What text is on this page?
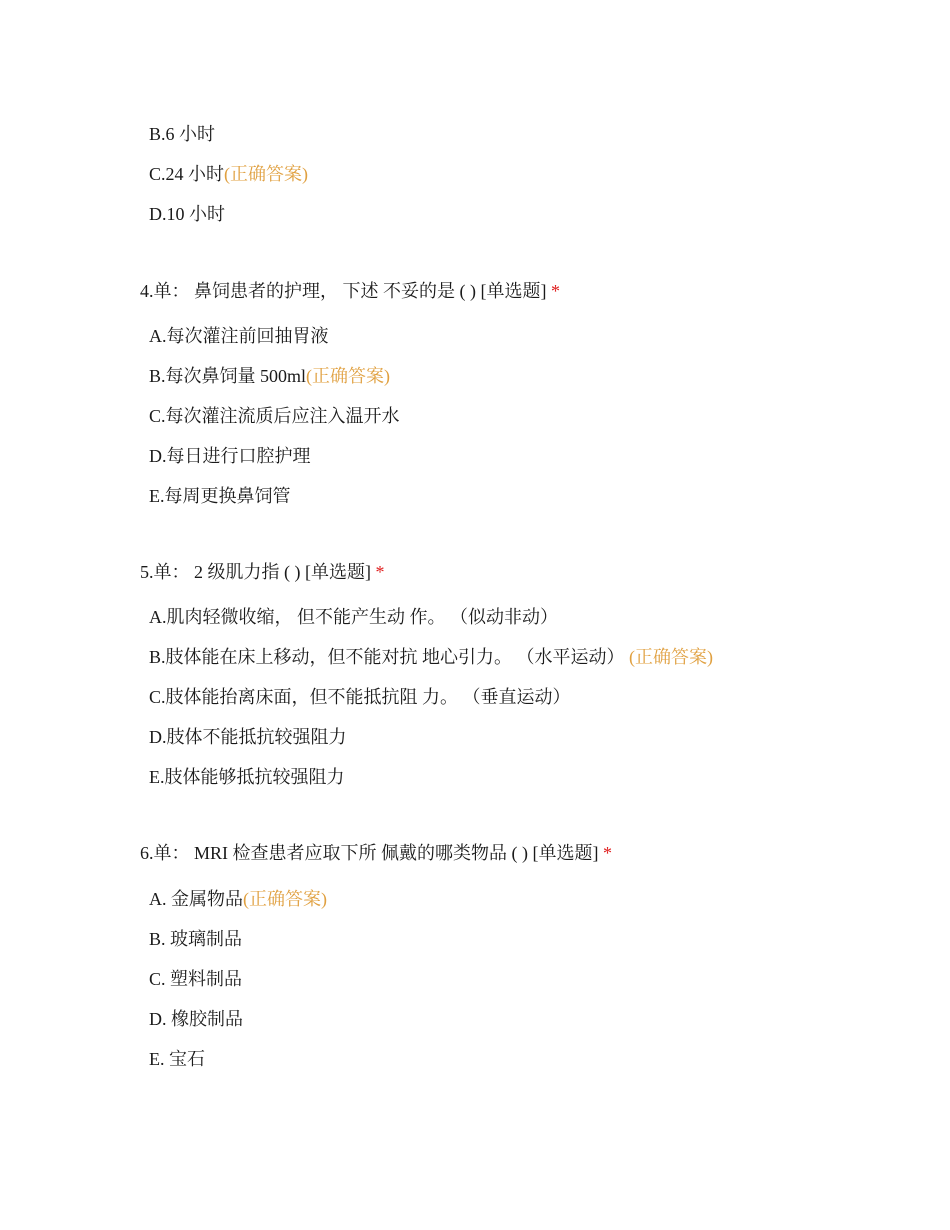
B.6 小时
C.24 小时(正确答案)
D.10 小时
4.单： 鼻饲患者的护理， 下述 不妥的是 ( ) [单选题] *
A.每次灌注前回抽胃液
B.每次鼻饲量 500ml(正确答案)
C.每次灌注流质后应注入温开水
D.每日进行口腔护理
E.每周更换鼻饲管
5.单： 2 级肌力指 ( ) [单选题] *
A.肌肉轻微收缩， 但不能产生动 作。 （似动非动）
B.肢体能在床上移动，但不能对抗 地心引力。 （水平运动） (正确答案)
C.肢体能抬离床面，但不能抵抗阻 力。 （垂直运动）
D.肢体不能抵抗较强阻力
E.肢体能够抵抗较强阻力
6.单： MRI 检查患者应取下所 佩戴的哪类物品 ( ) [单选题] *
A. 金属物品(正确答案)
B. 玻璃制品
C. 塑料制品
D. 橡胶制品
E. 宝石
